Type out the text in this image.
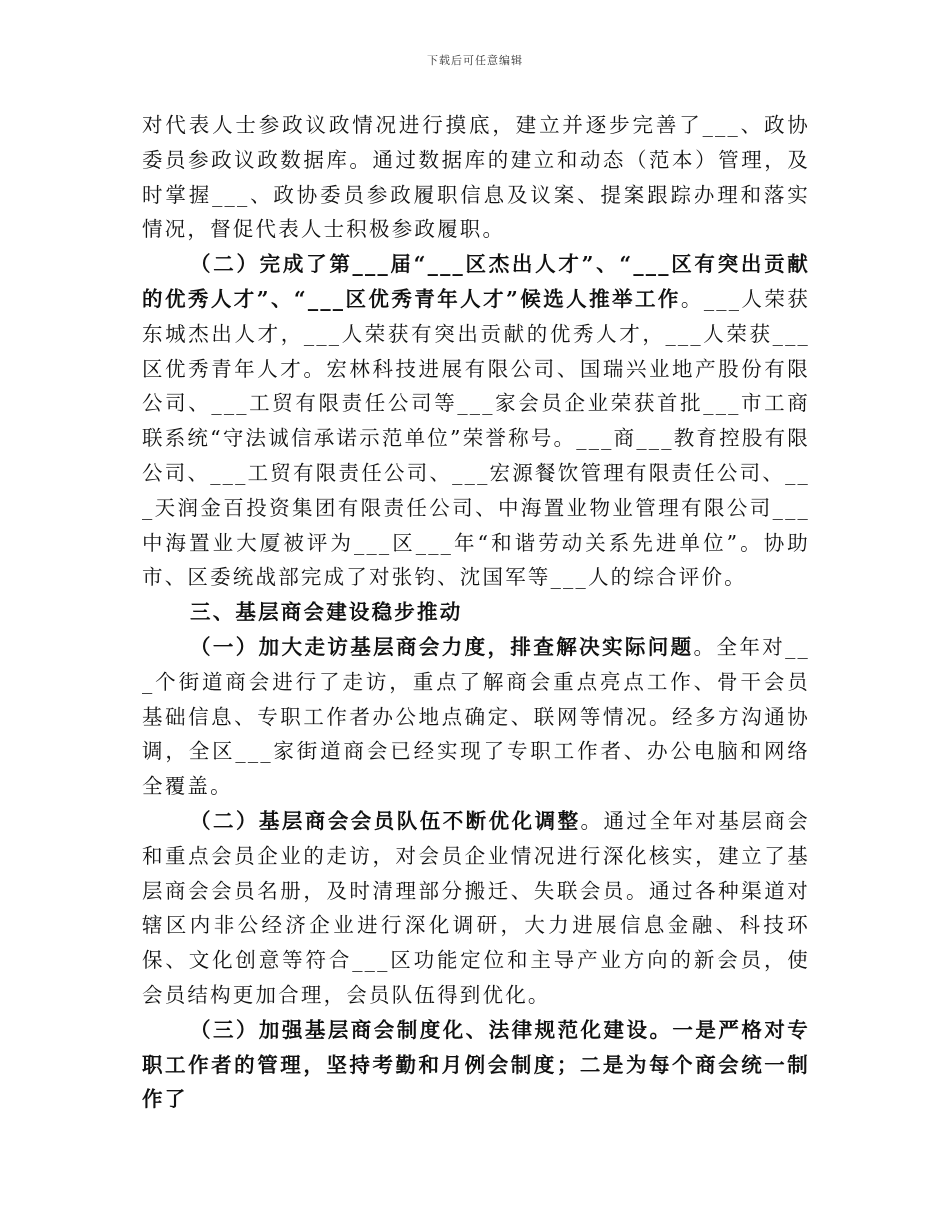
下载后可任意编辑

对代表人士参政议政情况进行摸底，建立并逐步完善了___、政协委员参政议政数据库。通过数据库的建立和动态（范本）管理，及时掌握___、政协委员参政履职信息及议案、提案跟踪办理和落实情况，督促代表人士积极参政履职。

（二）完成了第___届“___区杰出人才”、“___区有突出贡献的优秀人才”、“___区优秀青年人才”候选人推举工作。___人荣获东城杰出人才，___人荣获有突出贡献的优秀人才，___人荣获___区优秀青年人才。宏林科技进展有限公司、国瑞兴业地产股份有限公司、___工贸有限责任公司等___家会员企业荣获首批___市工商联系统“守法诚信承诺示范单位”荣誉称号。___商___教育控股有限公司、___工贸有限责任公司、___宏源餐饮管理有限责任公司、___天润金百投资集团有限责任公司、中海置业物业管理有限公司___中海置业大厦被评为___区___年“和谐劳动关系先进单位”。协助市、区委统战部完成了对张钧、沈国军等___人的综合评价。

三、基层商会建设稳步推动

（一）加大走访基层商会力度，排查解决实际问题。全年对___个街道商会进行了走访，重点了解商会重点亮点工作、骨干会员基础信息、专职工作者办公地点确定、联网等情况。经多方沟通协调，全区___家街道商会已经实现了专职工作者、办公电脑和网络全覆盖。

（二）基层商会会员队伍不断优化调整。通过全年对基层商会和重点会员企业的走访，对会员企业情况进行深化核实，建立了基层商会会员名册，及时清理部分搬迁、失联会员。通过各种渠道对辖区内非公经济企业进行深化调研，大力进展信息金融、科技环保、文化创意等符合___区功能定位和主导产业方向的新会员，使会员结构更加合理，会员队伍得到优化。

（三）加强基层商会制度化、法律规范化建设。一是严格对专职工作者的管理，坚持考勤和月例会制度；二是为每个商会统一制作了
